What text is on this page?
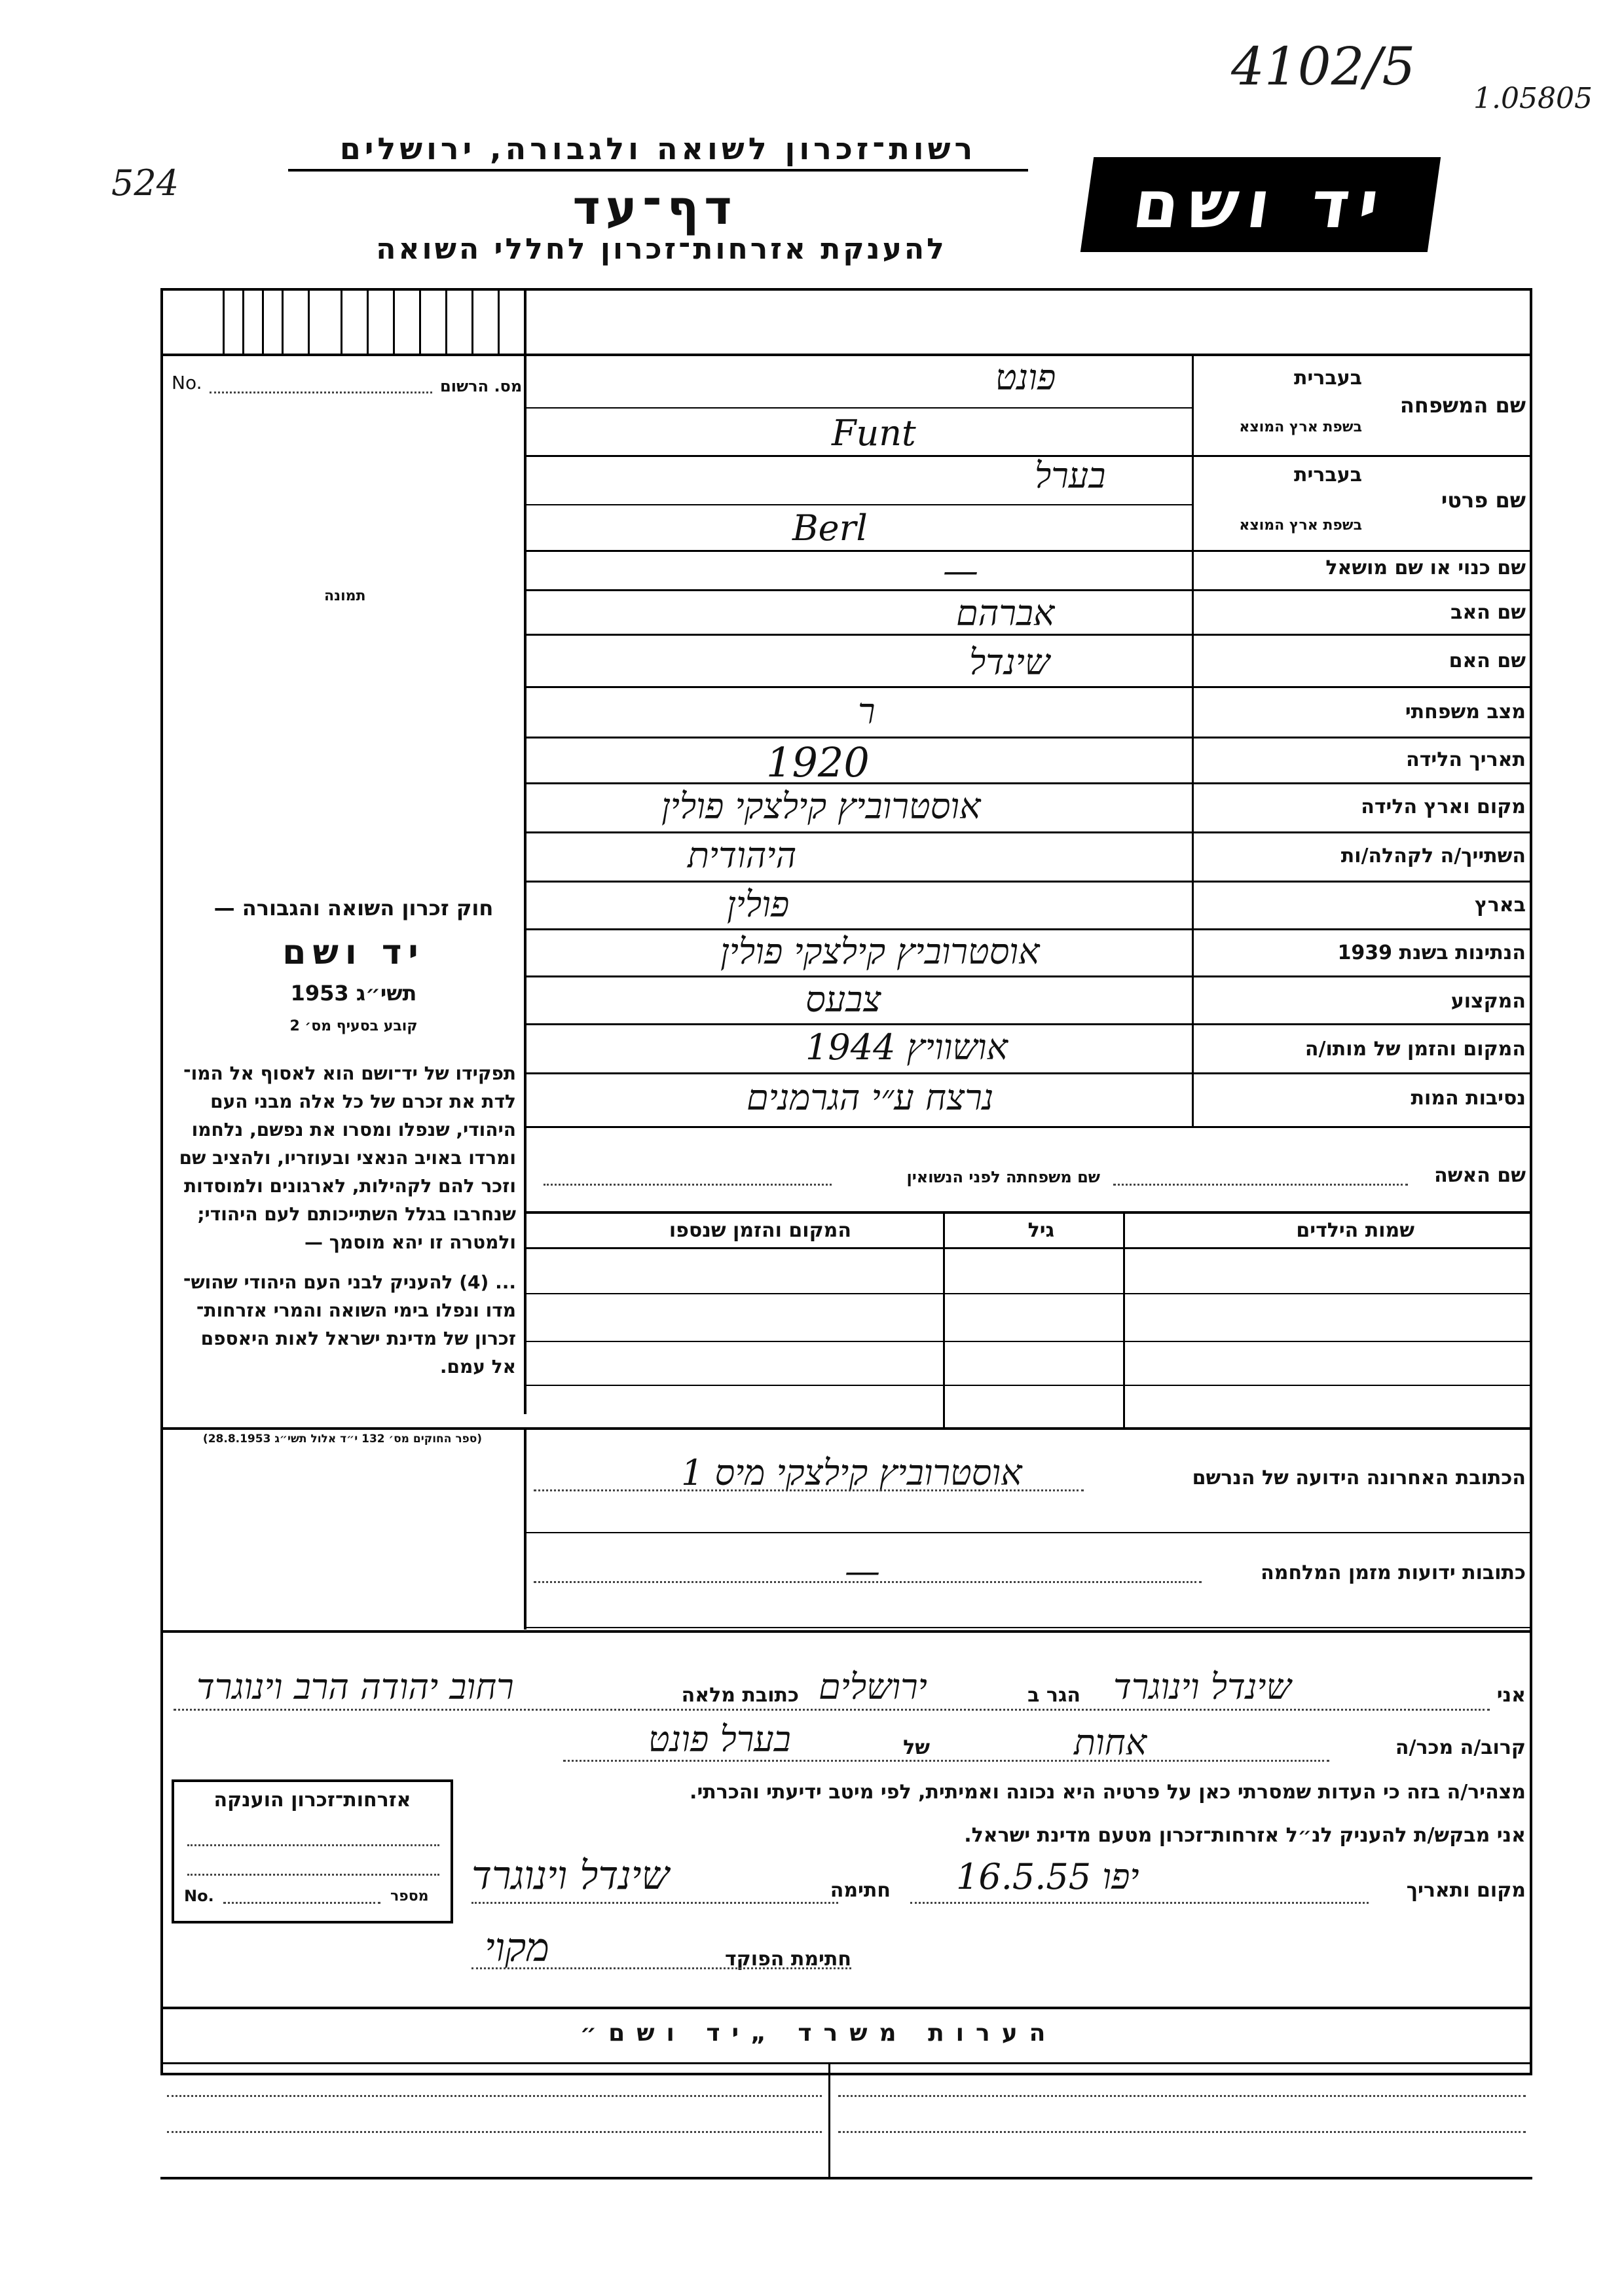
4102/5
1.05805
524
רשות־זכרון לשואה ולגבורה, ירושלים
דף־עד
להענקת אזרחות־זכרון לחללי השואה
יד ושם
No.	מס. הרשום
תמונה
שם המשפחה
בעברית
בשפת ארץ המוצא
פונט
Funt
שם פרטי
בעברית
בשפת ארץ המוצא
בערל
Berl
שם כנוי או שם מושאל
—
שם האב
אברהם
שם האם
שינדל
מצב משפחתי
ר
תאריך הלידה
1920
מקום וארץ הלידה
אוסטרוביץ קילצקי פולין
השתייך/ה לקהלה/ות
היהודית
בארץ
פולין
הנתינות בשנת 1939
אוסטרוביץ קילצקי פולין
המקצוע
צבעס
המקום והזמן של מותו/ה
אושוויץ 1944
נסיבות המות
נרצח ע״י הגרמנים
שם האשה
שם משפחתה לפני הנשואין
שמות הילדים
גיל
המקום והזמן שנספו
חוק זכרון השואה והגבורה —
יד ושם
תשי״ג 1953
קובע בסעיף מס׳ 2
תפקידו של יד־ושם הוא לאסוף אל המו־
לדת את זכרם של כל אלה מבני העם
היהודי, שנפלו ומסרו את נפשם, נלחמו
ומרדו באויב הנאצי ובעוזריו, ולהציב שם
וזכר להם לקהילות, לארגונים ולמוסדות
שנחרבו בגלל השתייכותם לעם היהודי;
ולמטרה זו יהא מוסמך —
... (4) להעניק לבני העם היהודי שהוש־
מדו ונפלו בימי השואה והמרי אזרחות־
זכרון של מדינת ישראל לאות היאספם
אל עמם.
(ספר החוקים מס׳ 132 י״ד אלול תשי״ג 28.8.1953)
הכתובת האחרונה הידועה של הנרשם
אוסטרוביץ קילצקי מיס 1
כתובות ידועות מזמן המלחמה
—
אני
שינדל וינוגרד
הגר ב
ירושלים
כתובת מלאה
רחוב יהודה הרב וינוגרד
קרוב/ה מכר/ה
אחות
של
בערל פונט
מצהיר/ה בזה כי העדות שמסרתי כאן על פרטיה היא נכונה ואמיתית, לפי מיטב ידיעתי והכרתי.
אני מבקש/ת להעניק לנ״ל אזרחות־זכרון מטעם מדינת ישראל.
מקום ותאריך
יפו 16.5.55
חתימה
שינדל וינוגרד
חתימת הפוקד
מקוי
אזרחות־זכרון הוענקה
No.	מספר
הערות משרד „יד ושם״
